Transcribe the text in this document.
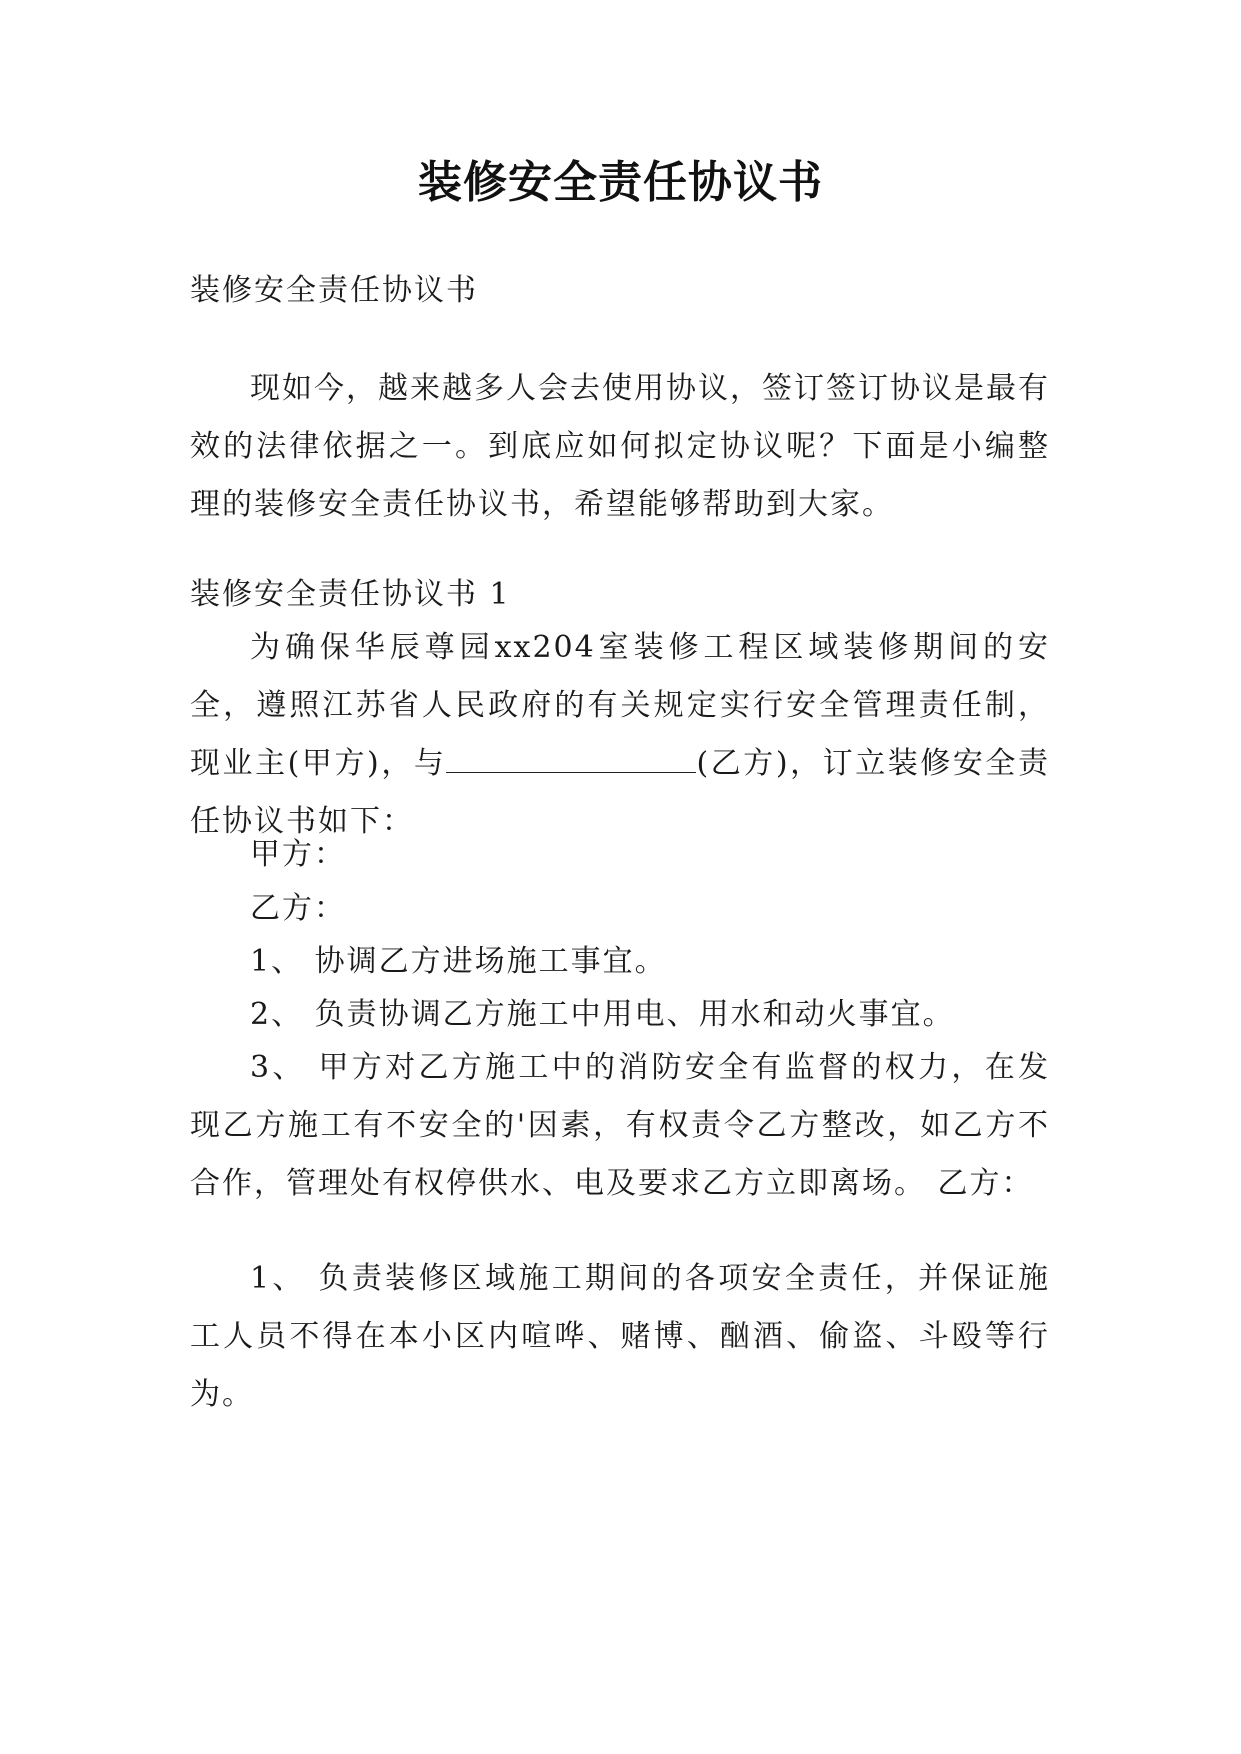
装修安全责任协议书

装修安全责任协议书

现如今，越来越多人会去使用协议，签订签订协议是最有效的法律依据之一。到底应如何拟定协议呢？下面是小编整理的装修安全责任协议书，希望能够帮助到大家。

装修安全责任协议书 1

为确保华辰尊园xx204室装修工程区域装修期间的安全，遵照江苏省人民政府的有关规定实行安全管理责任制，现业主(甲方)，与	(乙方)，订立装修安全责任协议书如下：

甲方：

乙方：

1、 协调乙方进场施工事宜。

2、 负责协调乙方施工中用电、用水和动火事宜。

3、 甲方对乙方施工中的消防安全有监督的权力，在发现乙方施工有不安全的'因素，有权责令乙方整改，如乙方不合作，管理处有权停供水、电及要求乙方立即离场。 乙方：

1、 负责装修区域施工期间的各项安全责任，并保证施工人员不得在本小区内喧哗、赌博、酗酒、偷盗、斗殴等行为。
